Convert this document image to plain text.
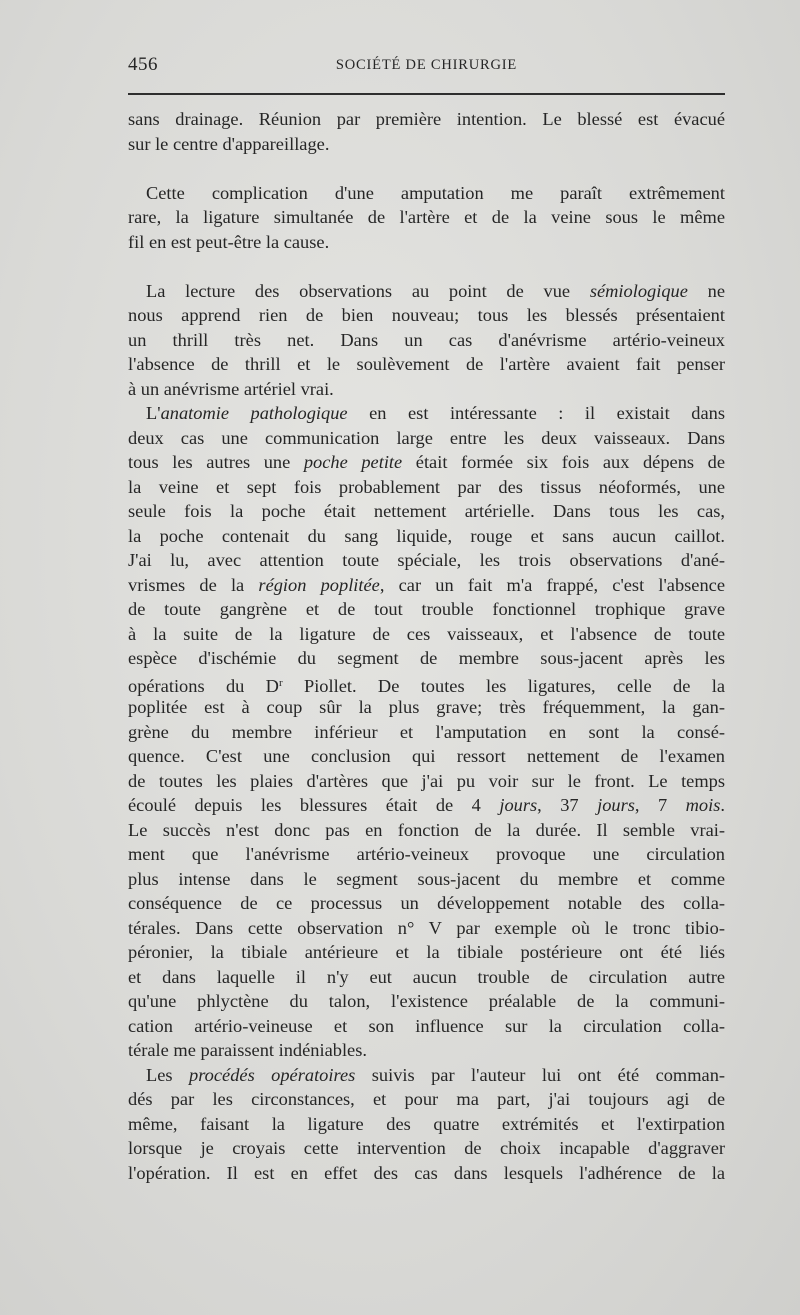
456	SOCIÉTÉ DE CHIRURGIE
sans drainage. Réunion par première intention. Le blessé est évacué
sur le centre d'appareillage.
Cette complication d'une amputation me paraît extrêmement
rare, la ligature simultanée de l'artère et de la veine sous le même
fil en est peut-être la cause.
La lecture des observations au point de vue sémiologique ne
nous apprend rien de bien nouveau; tous les blessés présentaient
un thrill très net. Dans un cas d'anévrisme artério-veineux
l'absence de thrill et le soulèvement de l'artère avaient fait penser
à un anévrisme artériel vrai.
L'anatomie pathologique en est intéressante : il existait dans
deux cas une communication large entre les deux vaisseaux. Dans
tous les autres une poche petite était formée six fois aux dépens de
la veine et sept fois probablement par des tissus néoformés, une
seule fois la poche était nettement artérielle. Dans tous les cas,
la poche contenait du sang liquide, rouge et sans aucun caillot.
J'ai lu, avec attention toute spéciale, les trois observations d'ané-
vrismes de la région poplitée, car un fait m'a frappé, c'est l'absence
de toute gangrène et de tout trouble fonctionnel trophique grave
à la suite de la ligature de ces vaisseaux, et l'absence de toute
espèce d'ischémie du segment de membre sous-jacent après les
opérations du $D^r$ Piollet. De toutes les ligatures, celle de la
poplitée est à coup sûr la plus grave; très fréquemment, la gan-
grène du membre inférieur et l'amputation en sont la consé-
quence. C'est une conclusion qui ressort nettement de l'examen
de toutes les plaies d'artères que j'ai pu voir sur le front. Le temps
écoulé depuis les blessures était de 4 jours, 37 jours, 7 mois.
Le succès n'est donc pas en fonction de la durée. Il semble vrai-
ment que l'anévrisme artério-veineux provoque une circulation
plus intense dans le segment sous-jacent du membre et comme
conséquence de ce processus un développement notable des colla-
térales. Dans cette observation n° V par exemple où le tronc tibio-
péronier, la tibiale antérieure et la tibiale postérieure ont été liés
et dans laquelle il n'y eut aucun trouble de circulation autre
qu'une phlyctène du talon, l'existence préalable de la communi-
cation artério-veineuse et son influence sur la circulation colla-
térale me paraissent indéniables.
Les procédés opératoires suivis par l'auteur lui ont été comman-
dés par les circonstances, et pour ma part, j'ai toujours agi de
même, faisant la ligature des quatre extrémités et l'extirpation
lorsque je croyais cette intervention de choix incapable d'aggraver
l'opération. Il est en effet des cas dans lesquels l'adhérence de la
